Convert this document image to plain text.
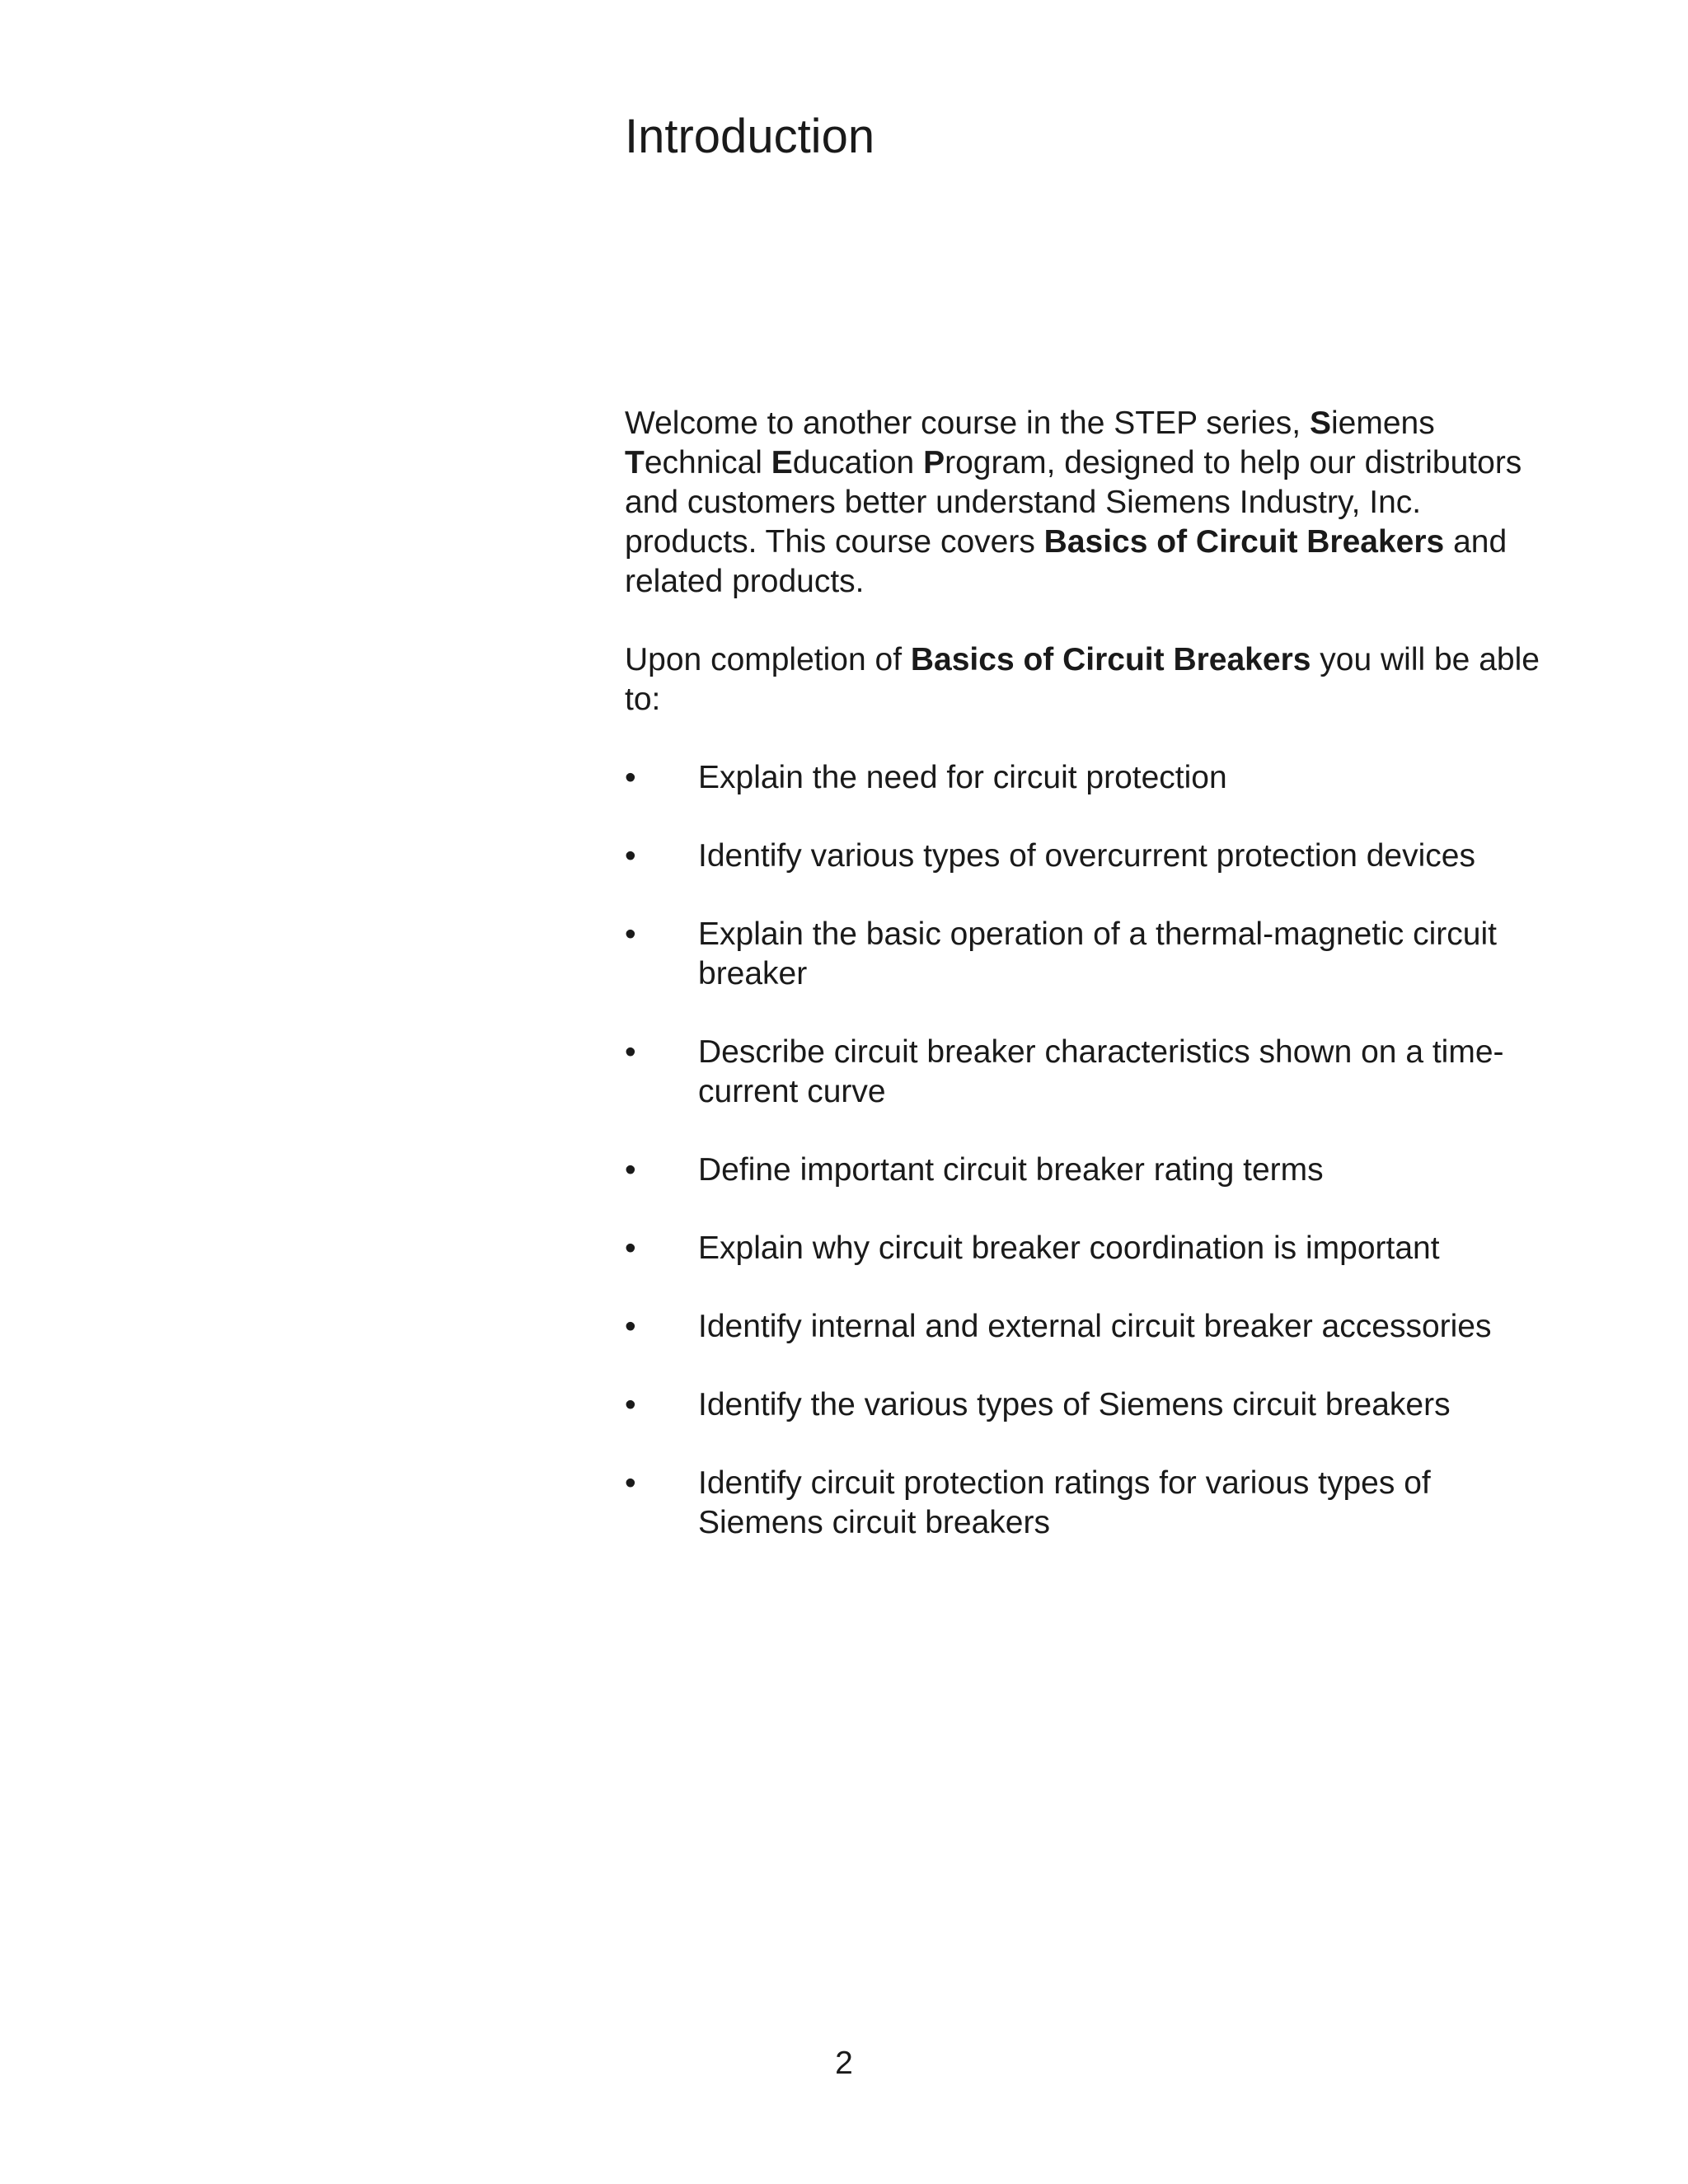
Introduction

Welcome to another course in the STEP series, Siemens Technical Education Program, designed to help our distributors and customers better understand Siemens Industry, Inc. products. This course covers Basics of Circuit Breakers and related products.

Upon completion of Basics of Circuit Breakers you will be able to:

•	Explain the need for circuit protection
•	Identify various types of overcurrent protection devices
•	Explain the basic operation of a thermal-magnetic circuit breaker
•	Describe circuit breaker characteristics shown on a time-current curve
•	Define important circuit breaker rating terms
•	Explain why circuit breaker coordination is important
•	Identify internal and external circuit breaker accessories
•	Identify the various types of Siemens circuit breakers
•	Identify circuit protection ratings for various types of Siemens circuit breakers
2
